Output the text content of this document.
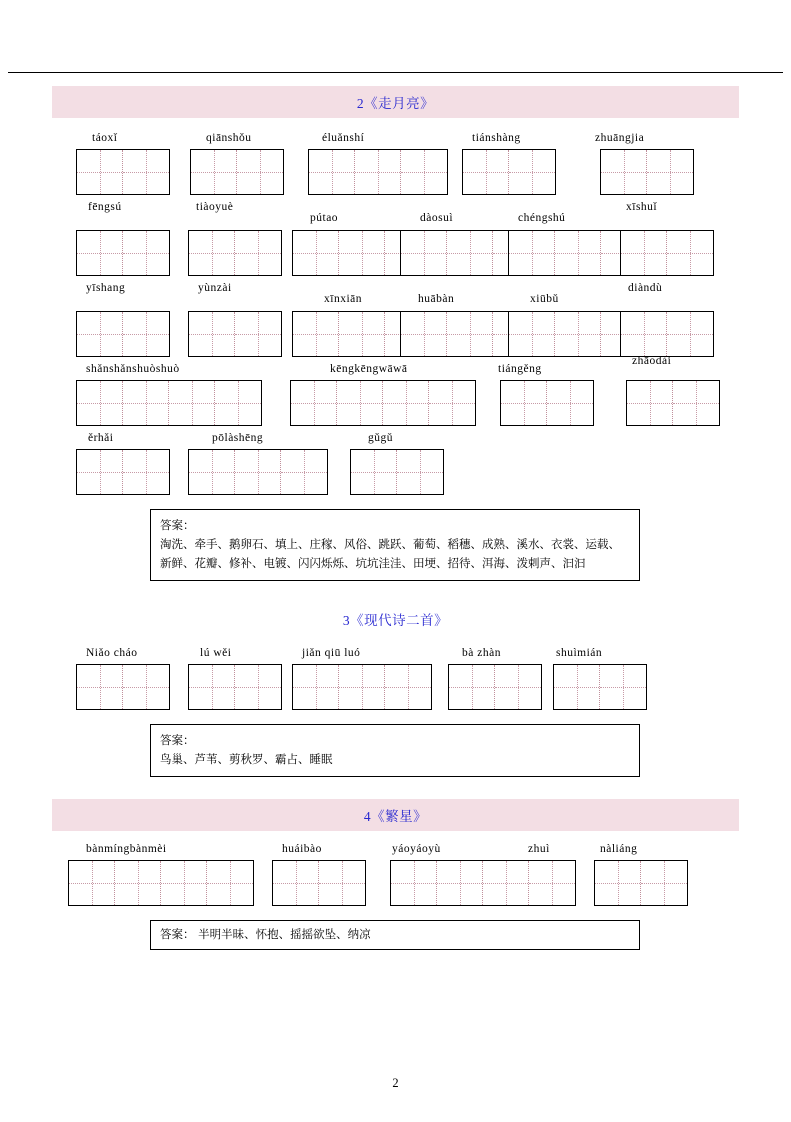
2《走月亮》
táoxǐ	qiānshǒu	éluǎnshí	tiánshàng	zhuāngjia
fēngsú	tiàoyuè
pútao	dàosuì	chéngshú
xīshuǐ
yīshang	yùnzài
xīnxiān	huābàn	xiūbǔ
diàndù
shǎnshǎnshuòshuò	kēngkēngwāwā	tiángěng
zhāodài
ěrhǎi	pōlàshēng	gǔgǔ
答案：
淘洗、牵手、鹅卵石、填上、庄稼、风俗、跳跃、葡萄、稻穗、成熟、溪水、衣裳、运载、新鲜、花瓣、修补、电镀、闪闪烁烁、坑坑洼洼、田埂、招待、洱海、泼剌声、汩汩
3《现代诗二首》
Niǎo cháo	lú wěi	jiǎn qiū luó	bà zhàn	shuìmián
答案：
鸟巢、芦苇、剪秋罗、霸占、睡眠
4《繁星》
bànmíngbànmèi	huáibào	yáoyáoyù	zhuì	nàliáng
答案： 半明半昧、怀抱、摇摇欲坠、纳凉
2
